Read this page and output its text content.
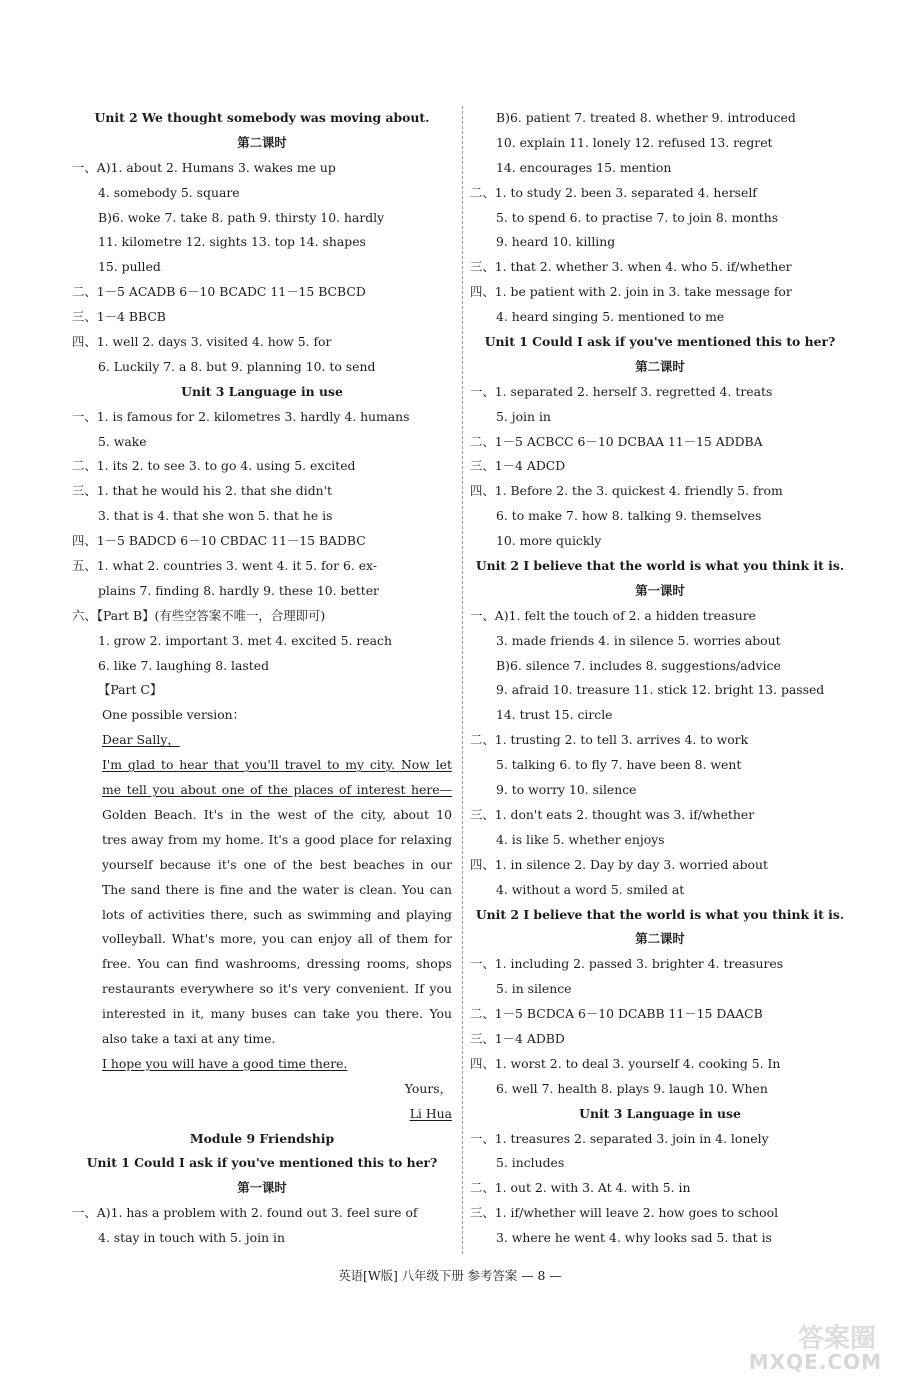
Unit 2 We thought somebody was moving about.
第二课时
一、A)1. about 2. Humans 3. wakes me up
4. somebody 5. square
B)6. woke 7. take 8. path 9. thirsty 10. hardly
11. kilometre 12. sights 13. top 14. shapes
15. pulled
二、1－5 ACADB 6－10 BCADC 11－15 BCBCD
三、1－4 BBCB
四、1. well 2. days 3. visited 4. how 5. for
6. Luckily 7. a 8. but 9. planning 10. to send
Unit 3 Language in use
一、1. is famous for 2. kilometres 3. hardly 4. humans
5. wake
二、1. its 2. to see 3. to go 4. using 5. excited
三、1. that he would his 2. that she didn't
3. that is 4. that she won 5. that he is
四、1－5 BADCD 6－10 CBDAC 11－15 BADBC
五、1. what 2. countries 3. went 4. it 5. for 6. ex-
plains 7. finding 8. hardly 9. these 10. better
六、【Part B】(有些空答案不唯一，合理即可)
1. grow 2. important 3. met 4. excited 5. reach
6. like 7. laughing 8. lasted
【Part C】
One possible version：
Dear Sally，
I'm glad to hear that you'll travel to my city. Now let
me tell you about one of the places of interest here—
Golden Beach. It's in the west of the city, about 10
tres away from my home. It's a good place for relaxing
yourself because it's one of the best beaches in our
The sand there is fine and the water is clean. You can
lots of activities there, such as swimming and playing
volleyball. What's more, you can enjoy all of them for
free. You can find washrooms, dressing rooms, shops
restaurants everywhere so it's very convenient. If you
interested in it, many buses can take you there. You
also take a taxi at any time.
I hope you will have a good time there.
Yours，
Li Hua
Module 9 Friendship
Unit 1 Could I ask if you've mentioned this to her?
第一课时
一、A)1. has a problem with 2. found out 3. feel sure of
4. stay in touch with 5. join in
B)6. patient 7. treated 8. whether 9. introduced
10. explain 11. lonely 12. refused 13. regret
14. encourages 15. mention
二、1. to study 2. been 3. separated 4. herself
5. to spend 6. to practise 7. to join 8. months
9. heard 10. killing
三、1. that 2. whether 3. when 4. who 5. if/whether
四、1. be patient with 2. join in 3. take message for
4. heard singing 5. mentioned to me
Unit 1 Could I ask if you've mentioned this to her?
第二课时
一、1. separated 2. herself 3. regretted 4. treats
5. join in
二、1－5 ACBCC 6－10 DCBAA 11－15 ADDBA
三、1－4 ADCD
四、1. Before 2. the 3. quickest 4. friendly 5. from
6. to make 7. how 8. talking 9. themselves
10. more quickly
Unit 2 I believe that the world is what you think it is.
第一课时
一、A)1. felt the touch of 2. a hidden treasure
3. made friends 4. in silence 5. worries about
B)6. silence 7. includes 8. suggestions/advice
9. afraid 10. treasure 11. stick 12. bright 13. passed
14. trust 15. circle
二、1. trusting 2. to tell 3. arrives 4. to work
5. talking 6. to fly 7. have been 8. went
9. to worry 10. silence
三、1. don't eats 2. thought was 3. if/whether
4. is like 5. whether enjoys
四、1. in silence 2. Day by day 3. worried about
4. without a word 5. smiled at
Unit 2 I believe that the world is what you think it is.
第二课时
一、1. including 2. passed 3. brighter 4. treasures
5. in silence
二、1－5 BCDCA 6－10 DCABB 11－15 DAACB
三、1－4 ADBD
四、1. worst 2. to deal 3. yourself 4. cooking 5. In
6. well 7. health 8. plays 9. laugh 10. When
Unit 3 Language in use
一、1. treasures 2. separated 3. join in 4. lonely
5. includes
二、1. out 2. with 3. At 4. with 5. in
三、1. if/whether will leave 2. how goes to school
3. where he went 4. why looks sad 5. that is
英语[W版] 八年级下册 参考答案 — 8 —
答案圈
MXQE.COM
